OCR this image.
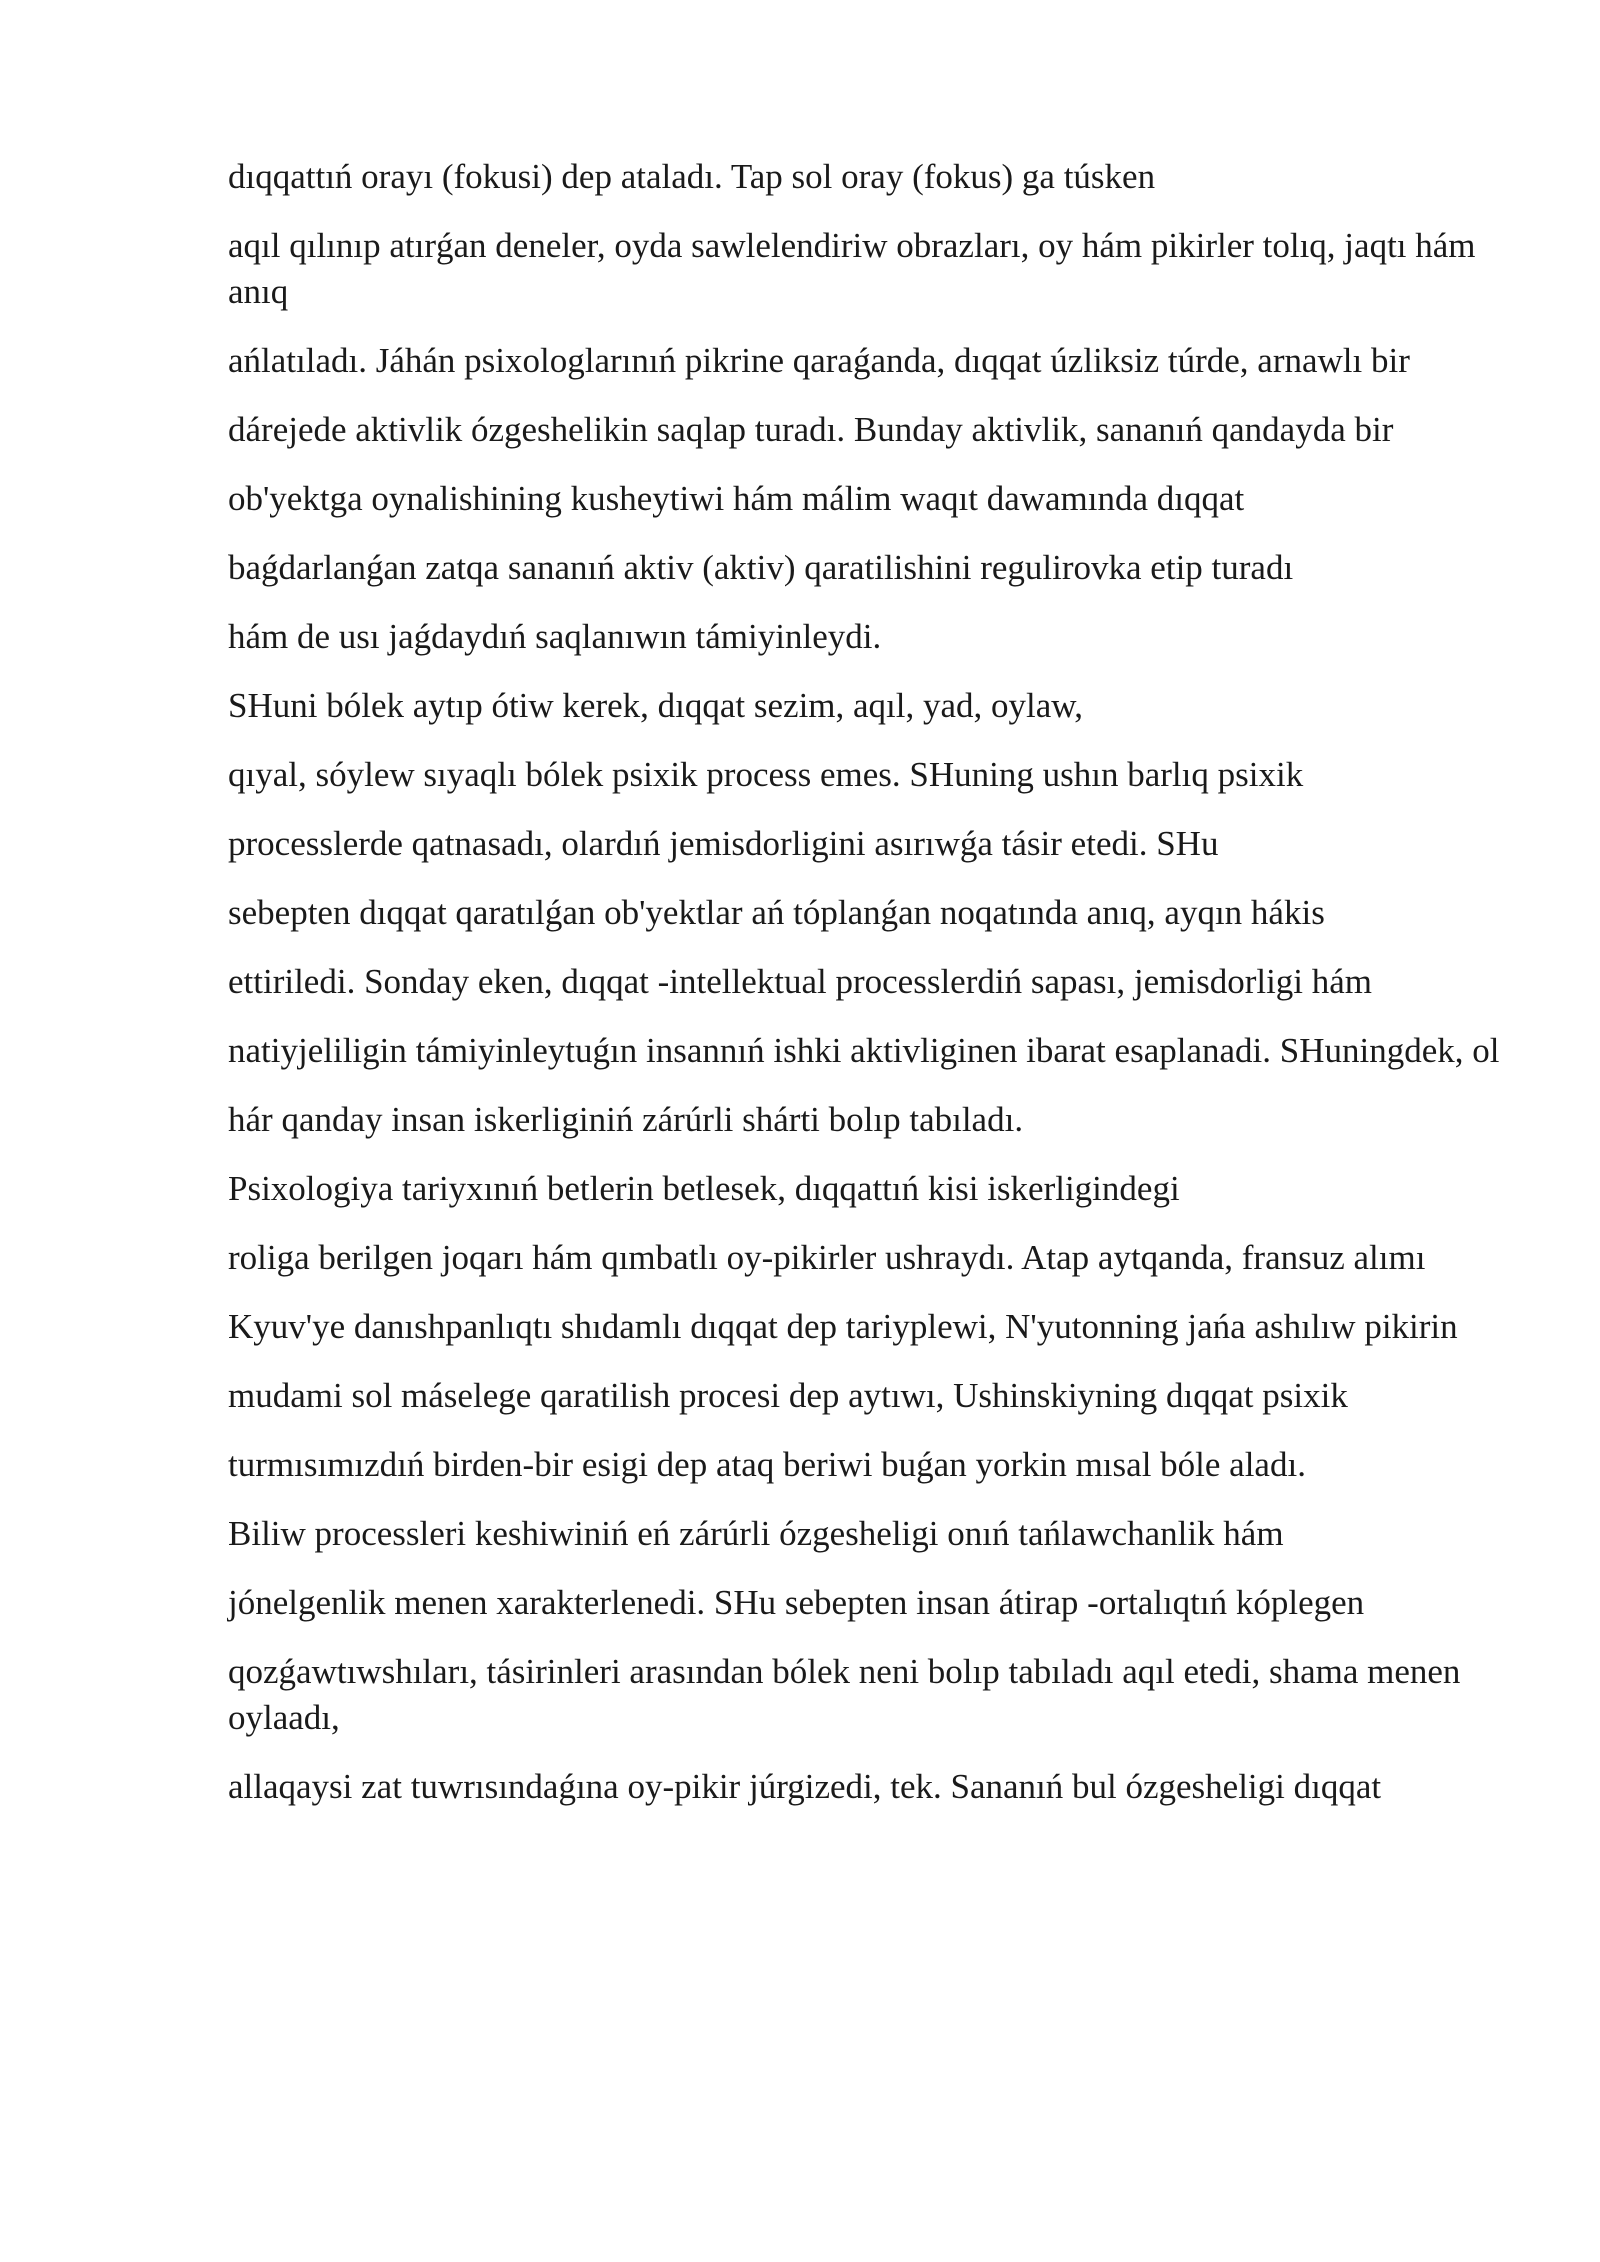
dıqqattıń orayı (fokusi) dep ataladı. Tap sol oray (fokus) ga túsken

aqıl qılınıp atırǵan deneler, oyda sawlelendiriw obrazları, oy hám pikirler tolıq, jaqtı hám anıq

ańlatıladı. Jáhán psixologlarınıń pikrine qaraǵanda, dıqqat úzliksiz túrde, arnawlı bir

dárejede aktivlik ózgeshelikin saqlap turadı. Bunday aktivlik, sananıń qandayda bir

ob'yektga oynalishining kusheytiwi hám málim waqıt dawamında dıqqat

baǵdarlanǵan zatqa sananıń aktiv (aktiv) qaratilishini regulirovka etip turadı

hám de usı jaǵdaydıń saqlanıwın támiyinleydi.

SHuni bólek aytıp ótiw kerek, dıqqat sezim, aqıl, yad, oylaw,

qıyal, sóylew sıyaqlı bólek psixik process emes. SHuning ushın barlıq psixik

processlerde qatnasadı, olardıń jemisdorligini asırıwǵa tásir etedi. SHu

sebepten dıqqat qaratılǵan ob'yektlar ań tóplanǵan noqatında anıq, ayqın hákis

ettiriledi. Sonday eken, dıqqat -intellektual processlerdiń sapası, jemisdorligi hám

natiyjeliligin támiyinleytuǵın insannıń ishki aktivliginen ibarat esaplanadi. SHuningdek, ol

hár qanday insan iskerliginiń zárúrli shárti bolıp tabıladı.

Psixologiya tariyxınıń betlerin betlesek, dıqqattıń kisi iskerligindegi

roliga berilgen joqarı hám qımbatlı oy-pikirler ushraydı. Atap aytqanda, fransuz alımı

Kyuv'ye danıshpanlıqtı shıdamlı dıqqat dep tariyplewi, N'yutonning jańa ashılıw pikirin

mudami sol máselege qaratilish procesi dep aytıwı, Ushinskiyning dıqqat psixik

turmısımızdıń birden-bir esigi dep ataq beriwi buǵan yorkin mısal bóle aladı.

Biliw processleri keshiwiniń eń zárúrli ózgesheligi onıń tańlawchanlik hám

jónelgenlik menen xarakterlenedi. SHu sebepten insan átirap -ortalıqtıń kóplegen

qozǵawtıwshıları, tásirinleri arasından bólek neni bolıp tabıladı aqıl etedi, shama menen oylaadı,

allaqaysi zat tuwrısındaǵına oy-pikir júrgizedi, tek. Sananıń bul ózgesheligi dıqqat
